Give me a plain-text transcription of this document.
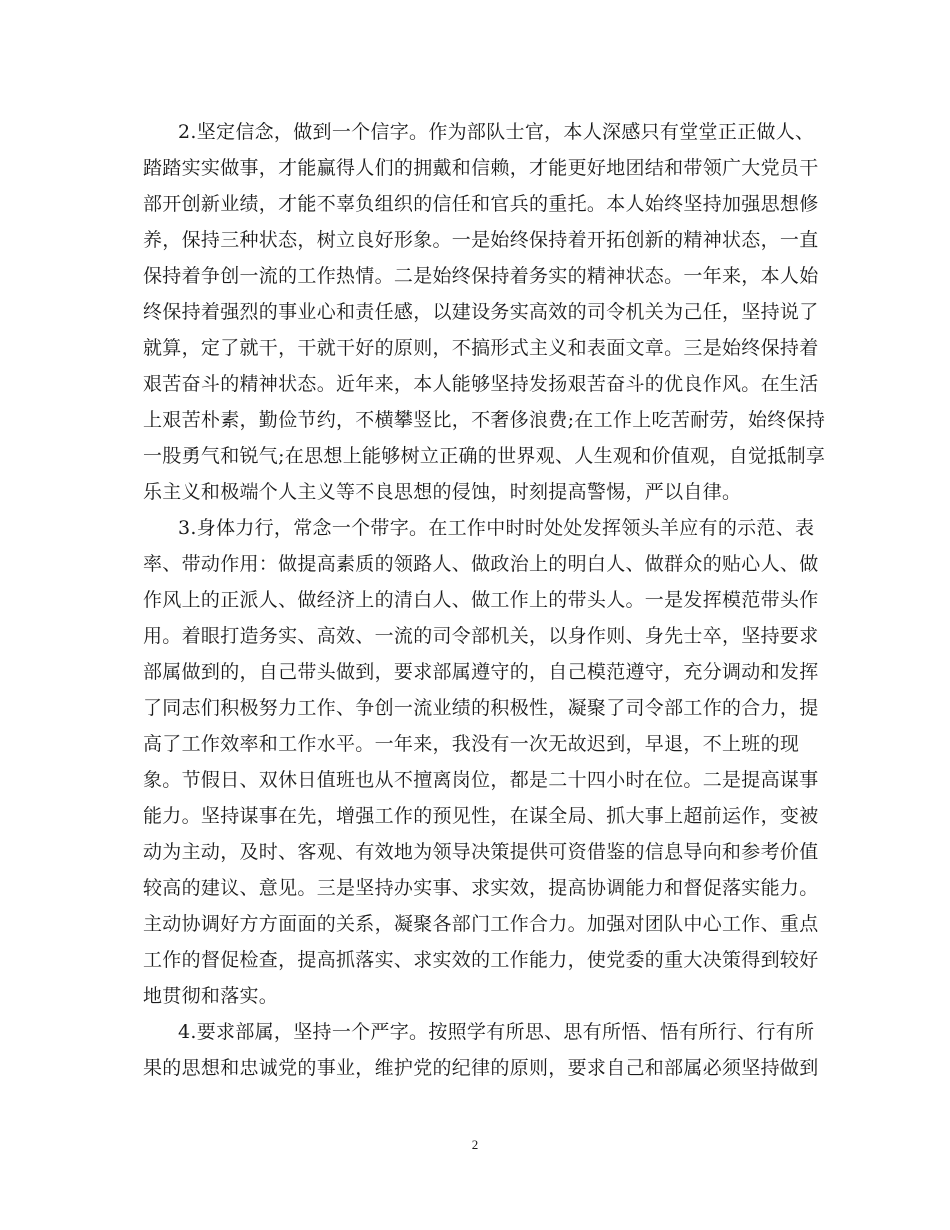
2.坚定信念，做到一个信字。作为部队士官，本人深感只有堂堂正正做人、
踏踏实实做事，才能赢得人们的拥戴和信赖，才能更好地团结和带领广大党员干
部开创新业绩，才能不辜负组织的信任和官兵的重托。本人始终坚持加强思想修
养，保持三种状态，树立良好形象。一是始终保持着开拓创新的精神状态，一直
保持着争创一流的工作热情。二是始终保持着务实的精神状态。一年来，本人始
终保持着强烈的事业心和责任感，以建设务实高效的司令机关为己任，坚持说了
就算，定了就干，干就干好的原则，不搞形式主义和表面文章。三是始终保持着
艰苦奋斗的精神状态。近年来，本人能够坚持发扬艰苦奋斗的优良作风。在生活
上艰苦朴素，勤俭节约，不横攀竖比，不奢侈浪费;在工作上吃苦耐劳，始终保持
一股勇气和锐气;在思想上能够树立正确的世界观、人生观和价值观，自觉抵制享
乐主义和极端个人主义等不良思想的侵蚀，时刻提高警惕，严以自律。
3.身体力行，常念一个带字。在工作中时时处处发挥领头羊应有的示范、表
率、带动作用：做提高素质的领路人、做政治上的明白人、做群众的贴心人、做
作风上的正派人、做经济上的清白人、做工作上的带头人。一是发挥模范带头作
用。着眼打造务实、高效、一流的司令部机关，以身作则、身先士卒，坚持要求
部属做到的，自己带头做到，要求部属遵守的，自己模范遵守，充分调动和发挥
了同志们积极努力工作、争创一流业绩的积极性，凝聚了司令部工作的合力，提
高了工作效率和工作水平。一年来，我没有一次无故迟到，早退，不上班的现
象。节假日、双休日值班也从不擅离岗位，都是二十四小时在位。二是提高谋事
能力。坚持谋事在先，增强工作的预见性，在谋全局、抓大事上超前运作，变被
动为主动，及时、客观、有效地为领导决策提供可资借鉴的信息导向和参考价值
较高的建议、意见。三是坚持办实事、求实效，提高协调能力和督促落实能力。
主动协调好方方面面的关系，凝聚各部门工作合力。加强对团队中心工作、重点
工作的督促检查，提高抓落实、求实效的工作能力，使党委的重大决策得到较好
地贯彻和落实。
4.要求部属，坚持一个严字。按照学有所思、思有所悟、悟有所行、行有所
果的思想和忠诚党的事业，维护党的纪律的原则，要求自己和部属必须坚持做到
2
